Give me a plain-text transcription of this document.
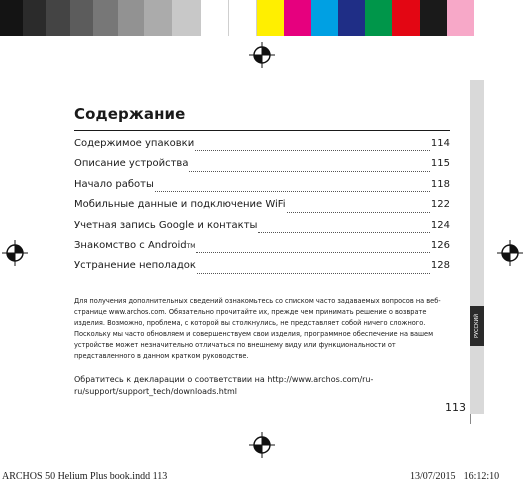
РУССКИЙ
Содержание
Содержимое упаковки	114
Описание устройства	115
Начало работы	118
Мобильные данные и подключение WiFi	122
Учетная запись Google и контакты	124
Знакомство с Android TM	126
Устранение неполадок	128
Для получения дополнительных сведений ознакомьтесь со списком часто задаваемых вопросов на веб-странице www.archos.com. Обязательно прочитайте их, прежде чем принимать решение о возврате изделия. Возможно, проблема, с которой вы столкнулись, не представляет собой ничего сложного. Поскольку мы часто обновляем и совершенствуем свои изделия, программное обеспечение на вашем устройстве может незначительно отличаться по внешнему виду или функциональности от представленного в данном кратком руководстве.
Обратитесь к декларации о соответствии на http://www.archos.com/ru-ru/support/support_tech/downloads.html
113
ARCHOS 50 Helium Plus book.indd 113	13/07/2015 16:12:10
